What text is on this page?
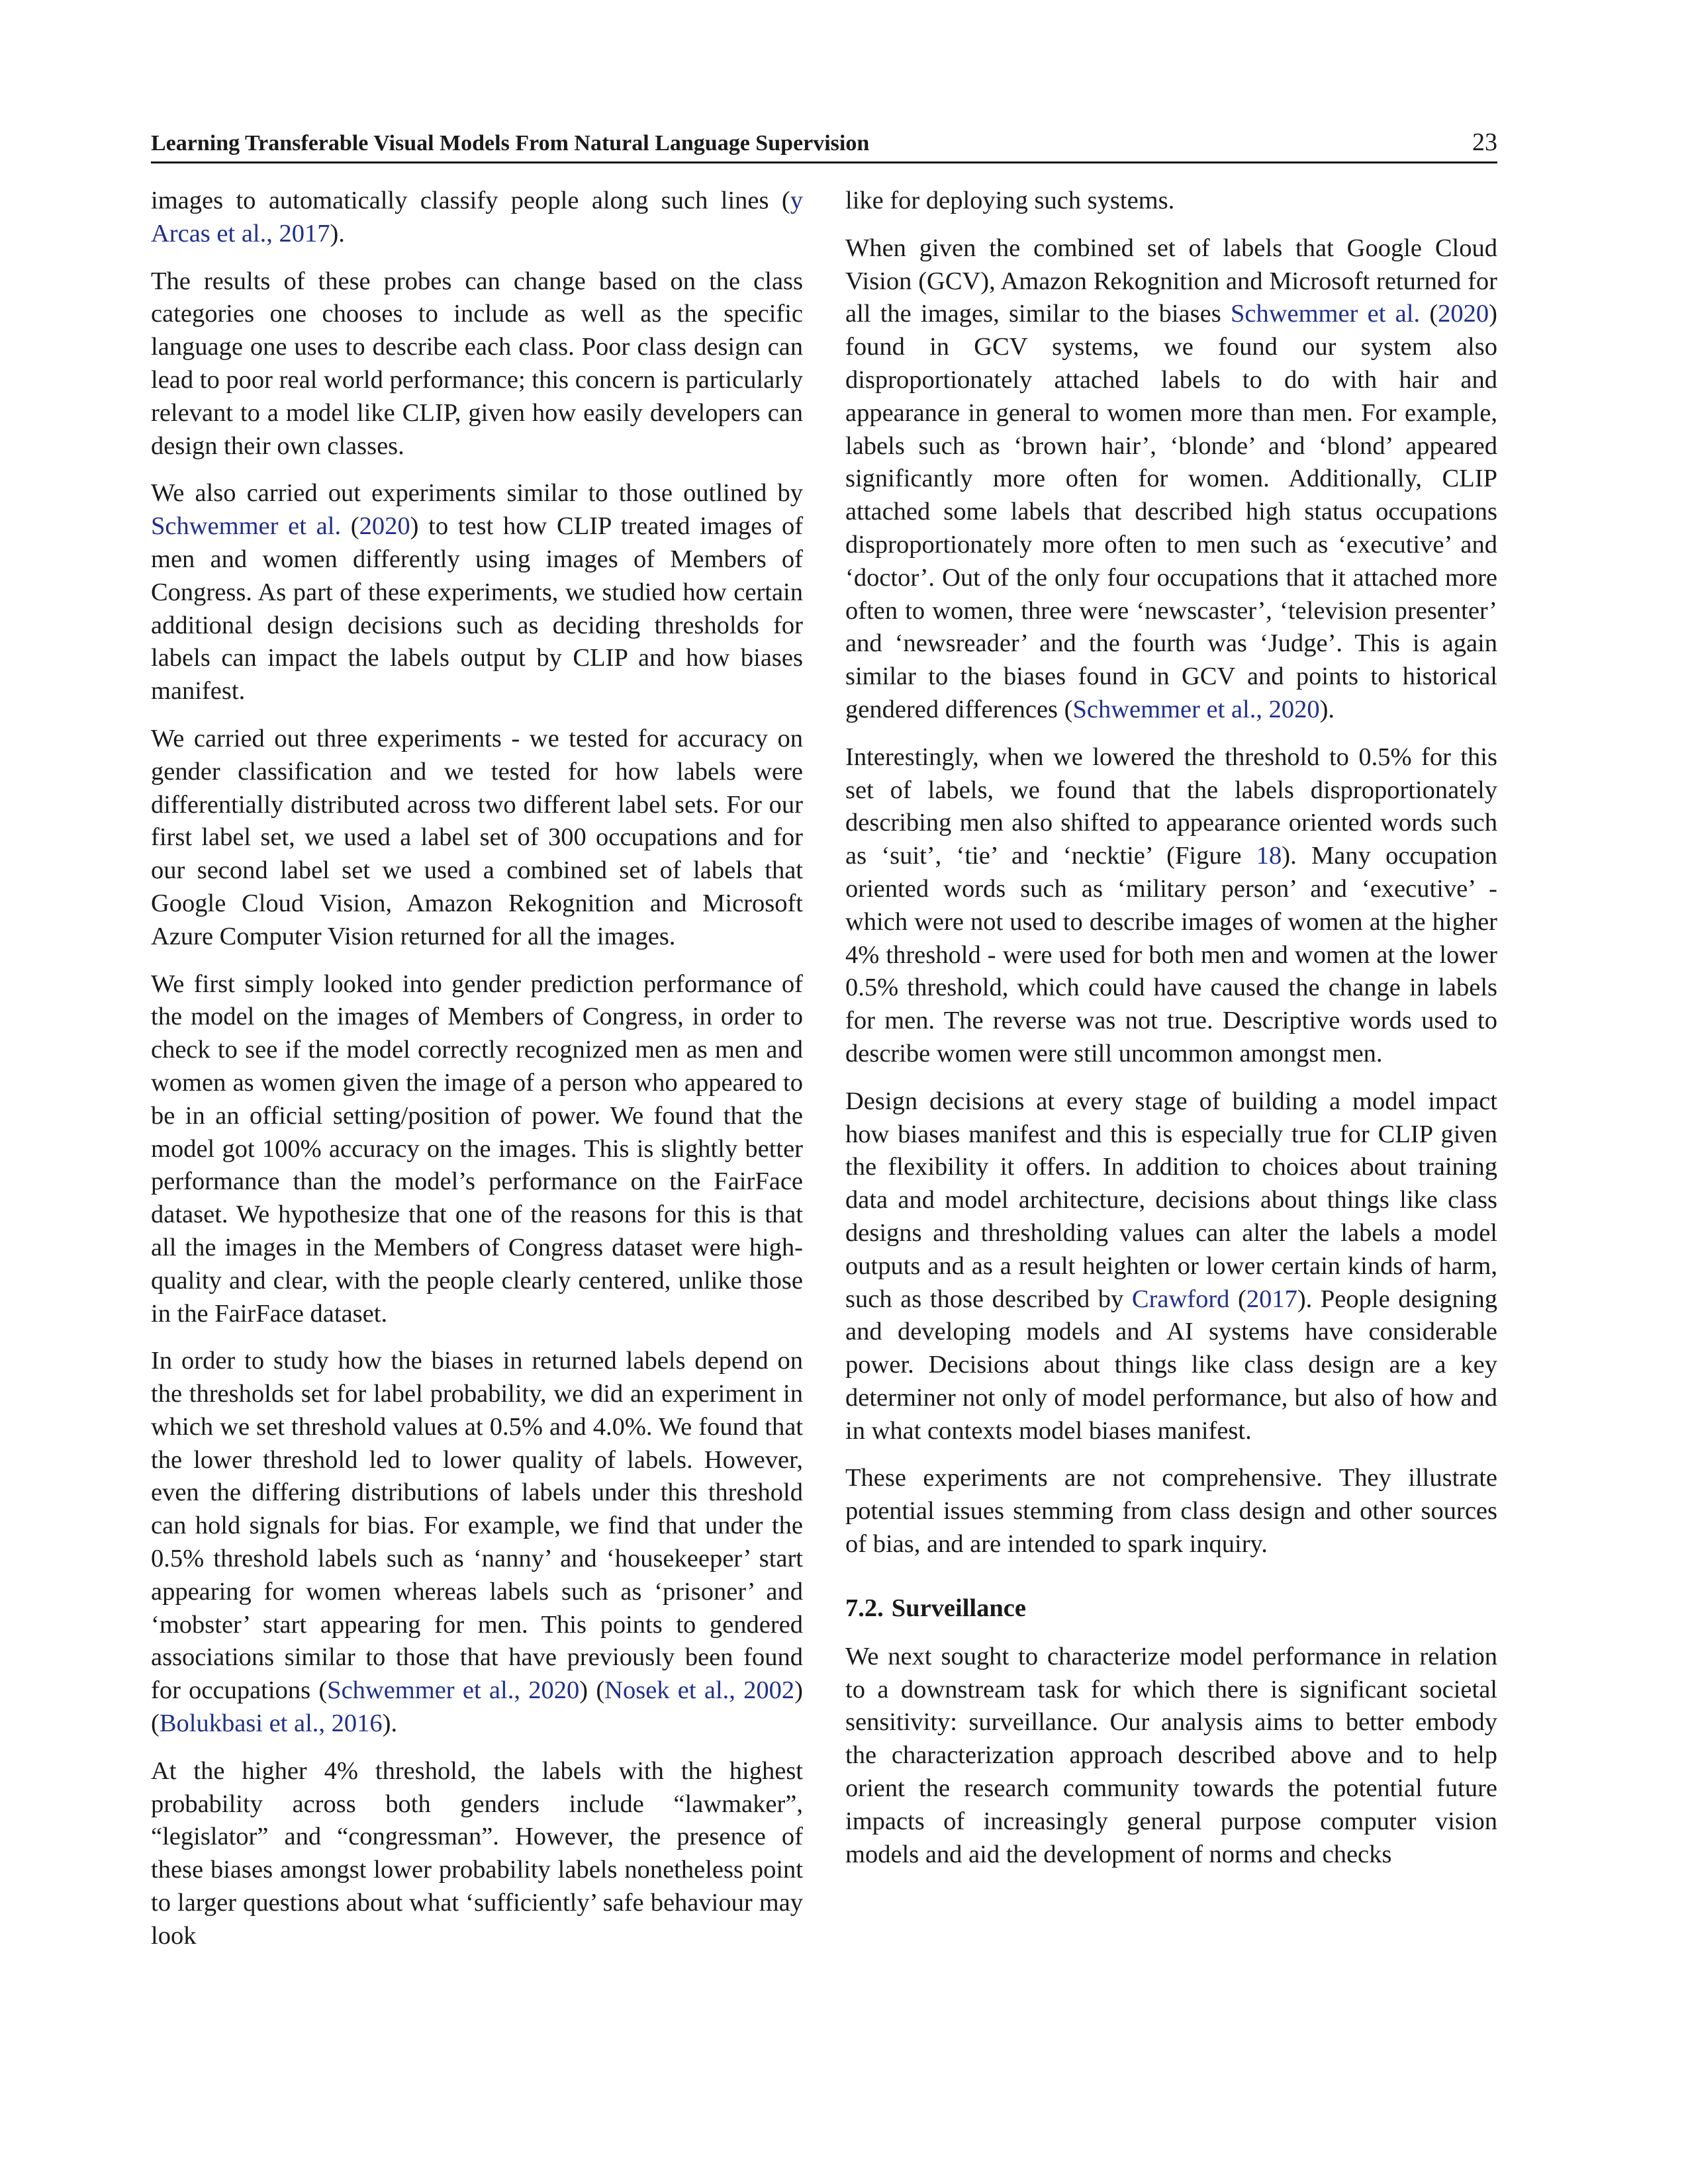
Learning Transferable Visual Models From Natural Language Supervision	23

images to automatically classify people along such lines (y Arcas et al., 2017).

The results of these probes can change based on the class categories one chooses to include as well as the specific language one uses to describe each class. Poor class design can lead to poor real world performance; this concern is particularly relevant to a model like CLIP, given how easily developers can design their own classes.

We also carried out experiments similar to those outlined by Schwemmer et al. (2020) to test how CLIP treated images of men and women differently using images of Members of Congress. As part of these experiments, we studied how certain additional design decisions such as deciding thresholds for labels can impact the labels output by CLIP and how biases manifest.

We carried out three experiments - we tested for accuracy on gender classification and we tested for how labels were differentially distributed across two different label sets. For our first label set, we used a label set of 300 occupations and for our second label set we used a combined set of labels that Google Cloud Vision, Amazon Rekognition and Microsoft Azure Computer Vision returned for all the images.

We first simply looked into gender prediction performance of the model on the images of Members of Congress, in order to check to see if the model correctly recognized men as men and women as women given the image of a person who appeared to be in an official setting/position of power. We found that the model got 100% accuracy on the images. This is slightly better performance than the model’s performance on the FairFace dataset. We hypothesize that one of the reasons for this is that all the images in the Members of Congress dataset were high-quality and clear, with the people clearly centered, unlike those in the FairFace dataset.

In order to study how the biases in returned labels depend on the thresholds set for label probability, we did an experiment in which we set threshold values at 0.5% and 4.0%. We found that the lower threshold led to lower quality of labels. However, even the differing distributions of labels under this threshold can hold signals for bias. For example, we find that under the 0.5% threshold labels such as ‘nanny’ and ‘housekeeper’ start appearing for women whereas labels such as ‘prisoner’ and ‘mobster’ start appearing for men. This points to gendered associations similar to those that have previously been found for occupations (Schwemmer et al., 2020) (Nosek et al., 2002) (Bolukbasi et al., 2016).

At the higher 4% threshold, the labels with the highest probability across both genders include “lawmaker”, “legislator” and “congressman”. However, the presence of these biases amongst lower probability labels nonetheless point to larger questions about what ‘sufficiently’ safe behaviour may look

like for deploying such systems.

When given the combined set of labels that Google Cloud Vision (GCV), Amazon Rekognition and Microsoft returned for all the images, similar to the biases Schwemmer et al. (2020) found in GCV systems, we found our system also disproportionately attached labels to do with hair and appearance in general to women more than men. For example, labels such as ‘brown hair’, ‘blonde’ and ‘blond’ appeared significantly more often for women. Additionally, CLIP attached some labels that described high status occupations disproportionately more often to men such as ‘executive’ and ‘doctor’. Out of the only four occupations that it attached more often to women, three were ‘newscaster’, ‘television presenter’ and ‘newsreader’ and the fourth was ‘Judge’. This is again similar to the biases found in GCV and points to historical gendered differences (Schwemmer et al., 2020).

Interestingly, when we lowered the threshold to 0.5% for this set of labels, we found that the labels disproportionately describing men also shifted to appearance oriented words such as ‘suit’, ‘tie’ and ‘necktie’ (Figure 18). Many occupation oriented words such as ‘military person’ and ‘executive’ - which were not used to describe images of women at the higher 4% threshold - were used for both men and women at the lower 0.5% threshold, which could have caused the change in labels for men. The reverse was not true. Descriptive words used to describe women were still uncommon amongst men.

Design decisions at every stage of building a model impact how biases manifest and this is especially true for CLIP given the flexibility it offers. In addition to choices about training data and model architecture, decisions about things like class designs and thresholding values can alter the labels a model outputs and as a result heighten or lower certain kinds of harm, such as those described by Crawford (2017). People designing and developing models and AI systems have considerable power. Decisions about things like class design are a key determiner not only of model performance, but also of how and in what contexts model biases manifest.

These experiments are not comprehensive. They illustrate potential issues stemming from class design and other sources of bias, and are intended to spark inquiry.

7.2. Surveillance

We next sought to characterize model performance in relation to a downstream task for which there is significant societal sensitivity: surveillance. Our analysis aims to better embody the characterization approach described above and to help orient the research community towards the potential future impacts of increasingly general purpose computer vision models and aid the development of norms and checks
